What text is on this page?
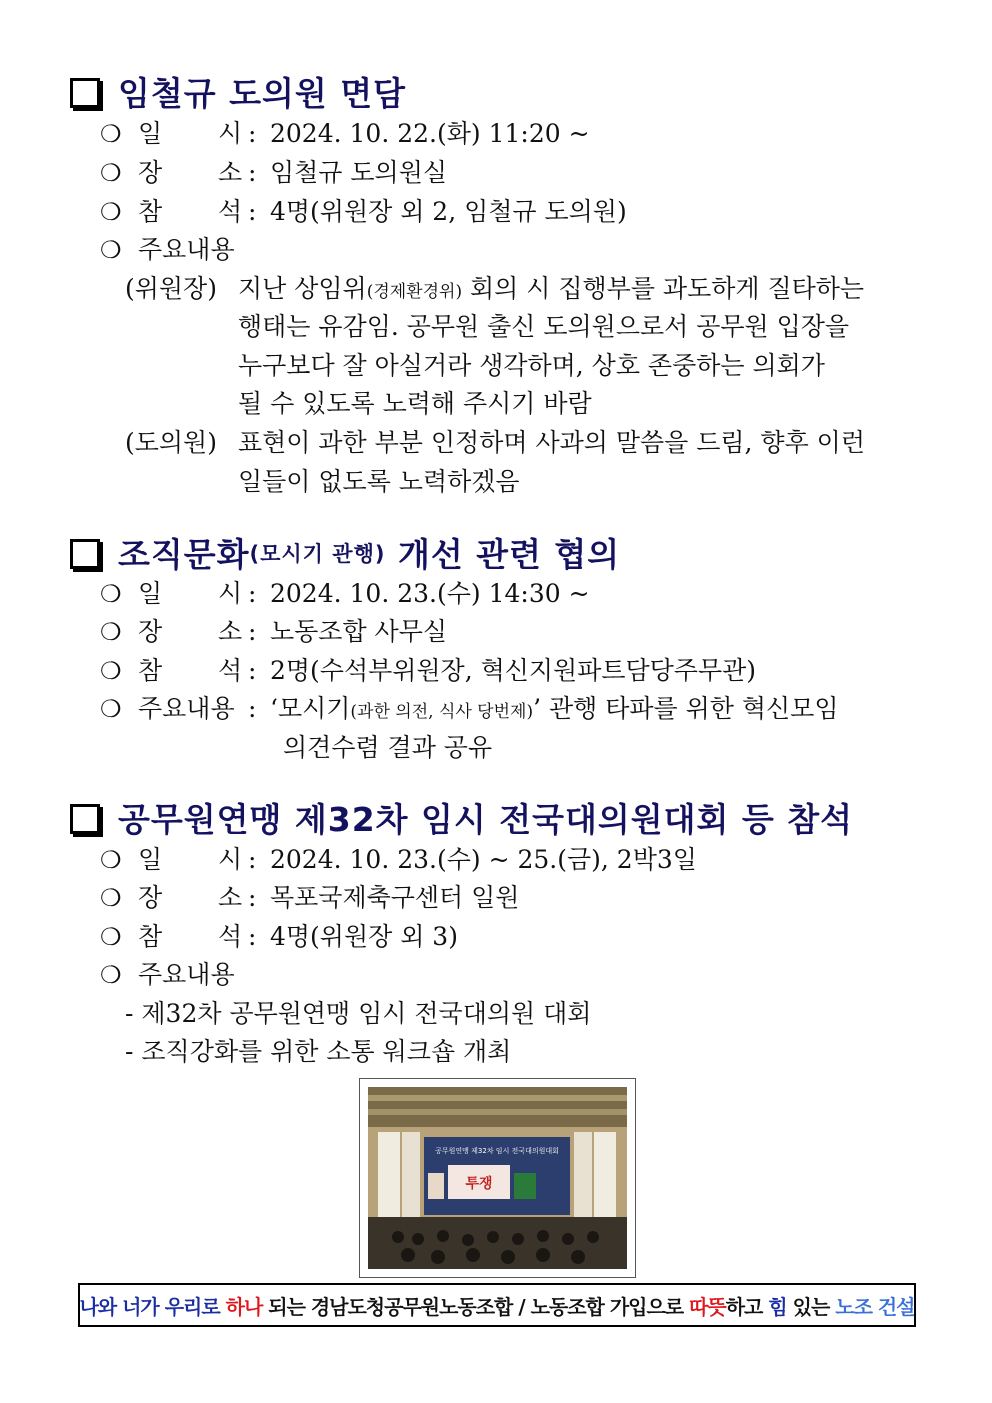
임철규 도의원 면담
❍ 일 시 : 2024. 10. 22.(화) 11:20 ~
❍ 장 소 : 임철규 도의원실
❍ 참 석 : 4명(위원장 외 2, 임철규 도의원)
❍ 주요내용
(위원장) 지난 상임위(경제환경위) 회의 시 집행부를 과도하게 질타하는
행태는 유감임. 공무원 출신 도의원으로서 공무원 입장을
누구보다 잘 아실거라 생각하며, 상호 존중하는 의회가
될 수 있도록 노력해 주시기 바람
(도의원) 표현이 과한 부분 인정하며 사과의 말씀을 드림, 향후 이런
일들이 없도록 노력하겠음
조직문화 (모시기 관행) 개선 관련 협의
❍ 일 시 : 2024. 10. 23.(수) 14:30 ~
❍ 장 소 : 노동조합 사무실
❍ 참 석 : 2명(수석부위원장, 혁신지원파트담당주무관)
❍ 주요내용 : ‘모시기(과한 의전, 식사 당번제)’ 관행 타파를 위한 혁신모임
의견수렴 결과 공유
공무원연맹 제32차 임시 전국대의원대회 등 참석
❍ 일 시 : 2024. 10. 23.(수) ~ 25.(금), 2박3일
❍ 장 소 : 목포국제축구센터 일원
❍ 참 석 : 4명(위원장 외 3)
❍ 주요내용
- 제32차 공무원연맹 임시 전국대의원 대회
- 조직강화를 위한 소통 워크숍 개최
공무원연맹 제32차 임시 전국대의원대회
투쟁
나와 너가 우리로 하나 되는 경남도청공무원노동조합 / 노동조합 가입으로 따뜻 하고 힘 있는 노조 건설
